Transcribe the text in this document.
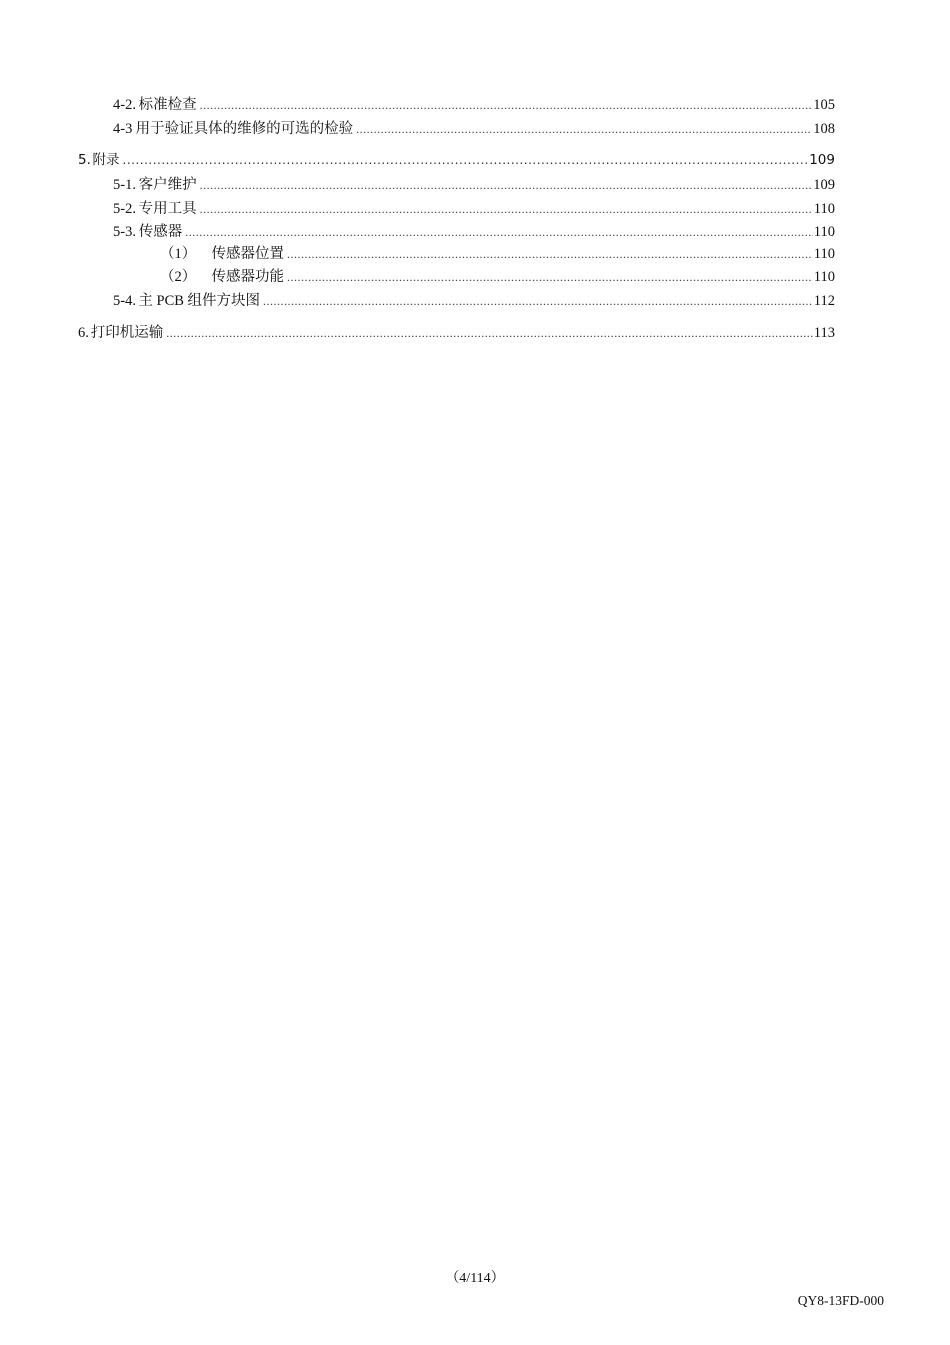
4-2. 标准检查 .....	105
4-3 用于验证具体的维修的可选的检验 .....	108
5. 附录 .....	109
5-1. 客户维护 .....	109
5-2. 专用工具 .....	110
5-3. 传感器 .....	110
（1）	传感器位置 .....	110
（2）	传感器功能 .....	110
5-4. 主 PCB 组件方块图 .....	112
6. 打印机运输 .....	113
（4/114）
QY8-13FD-000
